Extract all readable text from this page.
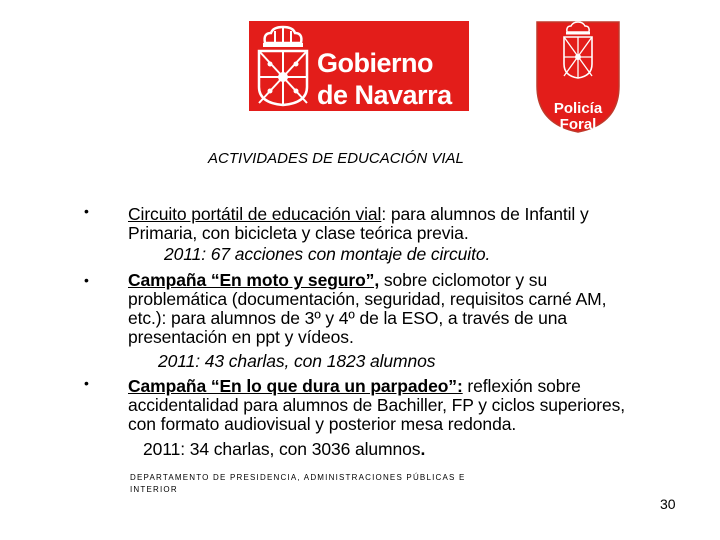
Gobierno
de Navarra	Policía
Foral
ACTIVIDADES DE EDUCACIÓN VIAL
•
•
•
Circuito portátil de educación vial: para alumnos de Infantil y
Primaria, con bicicleta y clase teórica previa.
2011: 67 acciones con montaje de circuito.
Campaña “En moto y seguro”, sobre ciclomotor y su
problemática (documentación, seguridad, requisitos carné AM,
etc.): para alumnos de 3º y 4º de la ESO, a través de una
presentación en ppt y vídeos.
2011: 43 charlas, con 1823 alumnos
Campaña “En lo que dura un parpadeo”: reflexión sobre
accidentalidad para alumnos de Bachiller, FP y ciclos superiores,
con formato audiovisual y posterior mesa redonda.
2011: 34 charlas, con 3036 alumnos.
DEPARTAMENTO DE PRESIDENCIA, ADMINISTRACIONES PÚBLICAS E
INTERIOR
30
